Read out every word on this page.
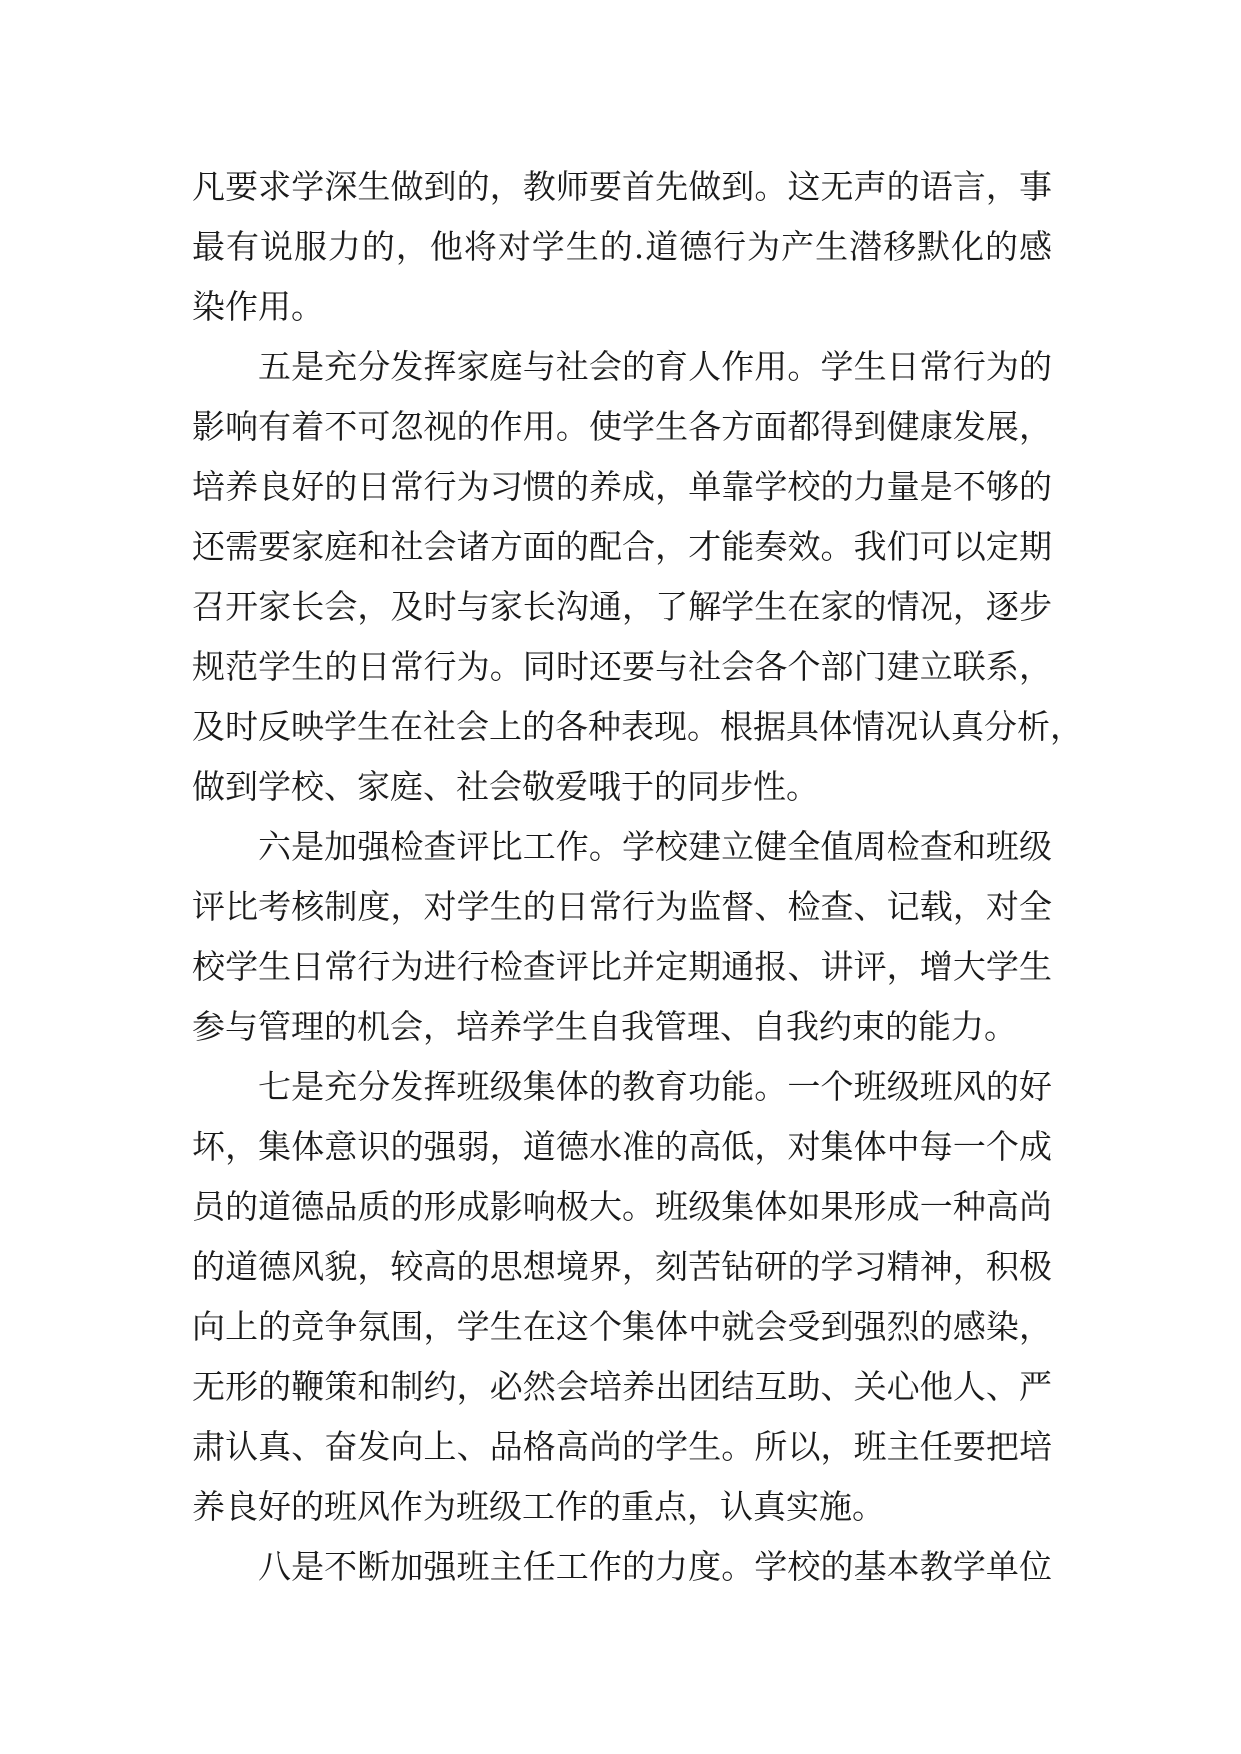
凡要求学深生做到的，教师要首先做到。这无声的语言，事
最有说服力的，他将对学生的.道德行为产生潜移默化的感
染作用。
五是充分发挥家庭与社会的育人作用。学生日常行为的
影响有着不可忽视的作用。使学生各方面都得到健康发展，
培养良好的日常行为习惯的养成，单靠学校的力量是不够的
还需要家庭和社会诸方面的配合，才能奏效。我们可以定期
召开家长会，及时与家长沟通，了解学生在家的情况，逐步
规范学生的日常行为。同时还要与社会各个部门建立联系，
及时反映学生在社会上的各种表现。根据具体情况认真分析，
做到学校、家庭、社会敬爱哦于的同步性。
六是加强检查评比工作。学校建立健全值周检查和班级
评比考核制度，对学生的日常行为监督、检查、记载，对全
校学生日常行为进行检查评比并定期通报、讲评，增大学生
参与管理的机会，培养学生自我管理、自我约束的能力。
七是充分发挥班级集体的教育功能。一个班级班风的好
坏，集体意识的强弱，道德水准的高低，对集体中每一个成
员的道德品质的形成影响极大。班级集体如果形成一种高尚
的道德风貌，较高的思想境界，刻苦钻研的学习精神，积极
向上的竞争氛围，学生在这个集体中就会受到强烈的感染，
无形的鞭策和制约，必然会培养出团结互助、关心他人、严
肃认真、奋发向上、品格高尚的学生。所以，班主任要把培
养良好的班风作为班级工作的重点，认真实施。
八是不断加强班主任工作的力度。学校的基本教学单位
